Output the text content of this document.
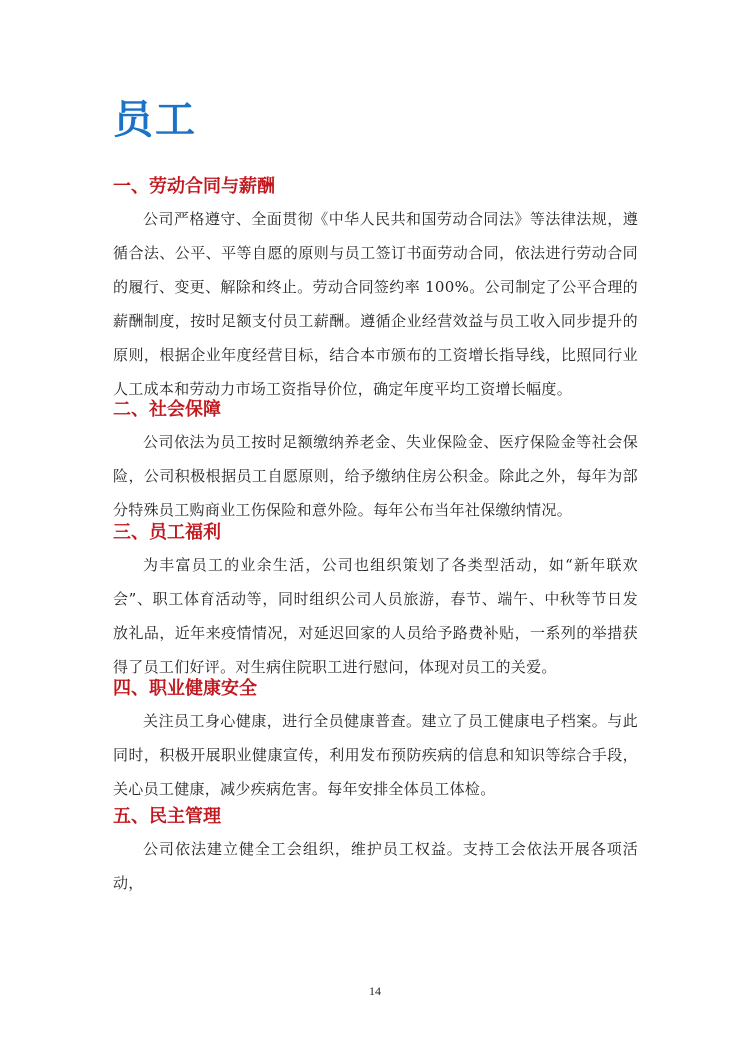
员工
一、劳动合同与薪酬

公司严格遵守、全面贯彻《中华人民共和国劳动合同法》等法律法规，遵循合法、公平、平等自愿的原则与员工签订书面劳动合同，依法进行劳动合同的履行、变更、解除和终止。劳动合同签约率 100%。公司制定了公平合理的薪酬制度，按时足额支付员工薪酬。遵循企业经营效益与员工收入同步提升的原则，根据企业年度经营目标，结合本市颁布的工资增长指导线，比照同行业人工成本和劳动力市场工资指导价位，确定年度平均工资增长幅度。

二、社会保障

公司依法为员工按时足额缴纳养老金、失业保险金、医疗保险金等社会保险，公司积极根据员工自愿原则，给予缴纳住房公积金。除此之外，每年为部分特殊员工购商业工伤保险和意外险。每年公布当年社保缴纳情况。

三、员工福利

为丰富员工的业余生活，公司也组织策划了各类型活动，如“新年联欢会”、职工体育活动等，同时组织公司人员旅游，春节、端午、中秋等节日发放礼品，近年来疫情情况，对延迟回家的人员给予路费补贴，一系列的举措获得了员工们好评。对生病住院职工进行慰问，体现对员工的关爱。

四、职业健康安全

关注员工身心健康，进行全员健康普查。建立了员工健康电子档案。与此同时，积极开展职业健康宣传，利用发布预防疾病的信息和知识等综合手段，关心员工健康，减少疾病危害。每年安排全体员工体检。

五、民主管理

公司依法建立健全工会组织，维护员工权益。支持工会依法开展各项活动，

14
